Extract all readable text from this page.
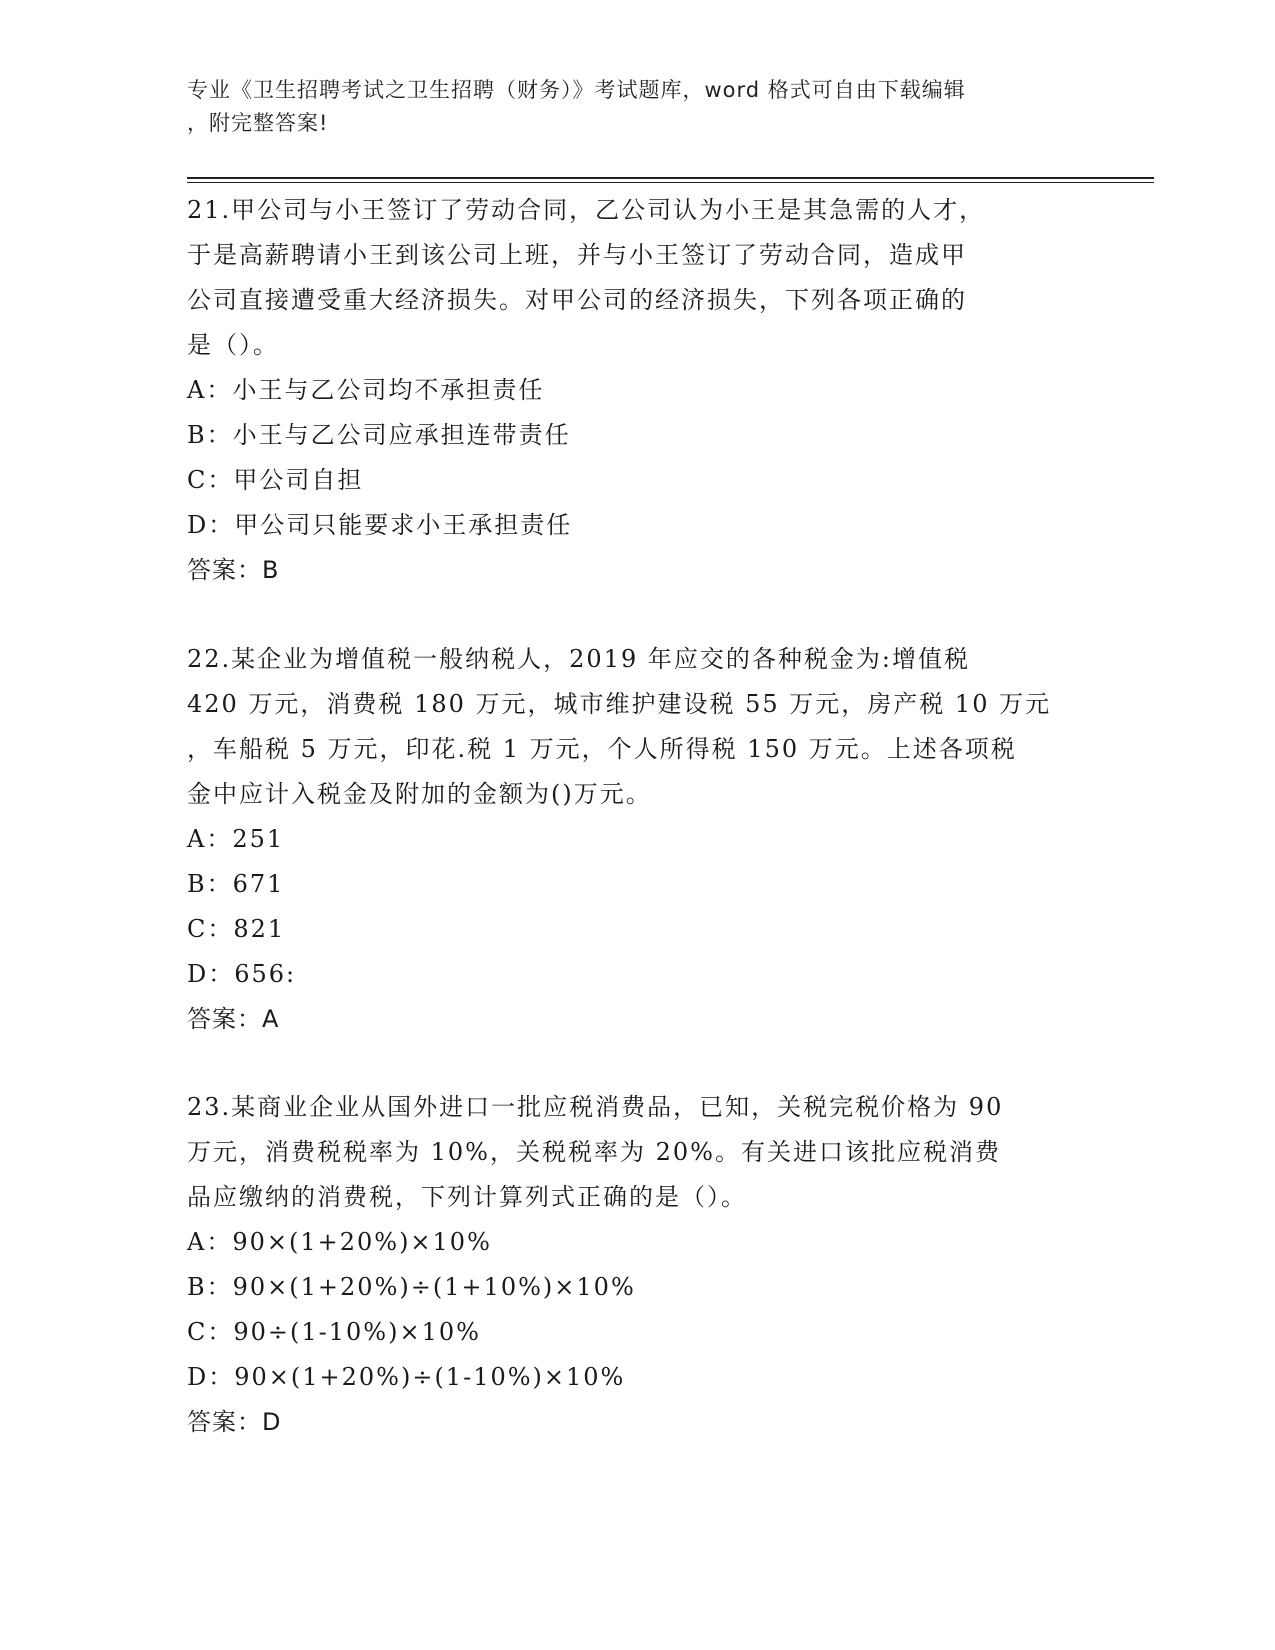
专业《卫生招聘考试之卫生招聘（财务）》考试题库，word 格式可自由下载编辑
，附完整答案!
21.甲公司与小王签订了劳动合同，乙公司认为小王是其急需的人才，
于是高薪聘请小王到该公司上班，并与小王签订了劳动合同，造成甲
公司直接遭受重大经济损失。对甲公司的经济损失，下列各项正确的
是（）。
A：小王与乙公司均不承担责任
B：小王与乙公司应承担连带责任
C：甲公司自担
D：甲公司只能要求小王承担责任
答案：B
22.某企业为增值税一般纳税人，2019 年应交的各种税金为:增值税
420 万元，消费税 180 万元，城市维护建设税 55 万元，房产税 10 万元
，车船税 5 万元，印花.税 1 万元，个人所得税 150 万元。上述各项税
金中应计入税金及附加的金额为()万元。
A：251
B：671
C：821
D：656:
答案：A
23.某商业企业从国外进口一批应税消费品，已知，关税完税价格为 90
万元，消费税税率为 10%，关税税率为 20%。有关进口该批应税消费
品应缴纳的消费税，下列计算列式正确的是（）。
A：90×(1+20%)×10%
B：90×(1+20%)÷(1+10%)×10%
C：90÷(1-10%)×10%
D：90×(1+20%)÷(1-10%)×10%
答案：D
